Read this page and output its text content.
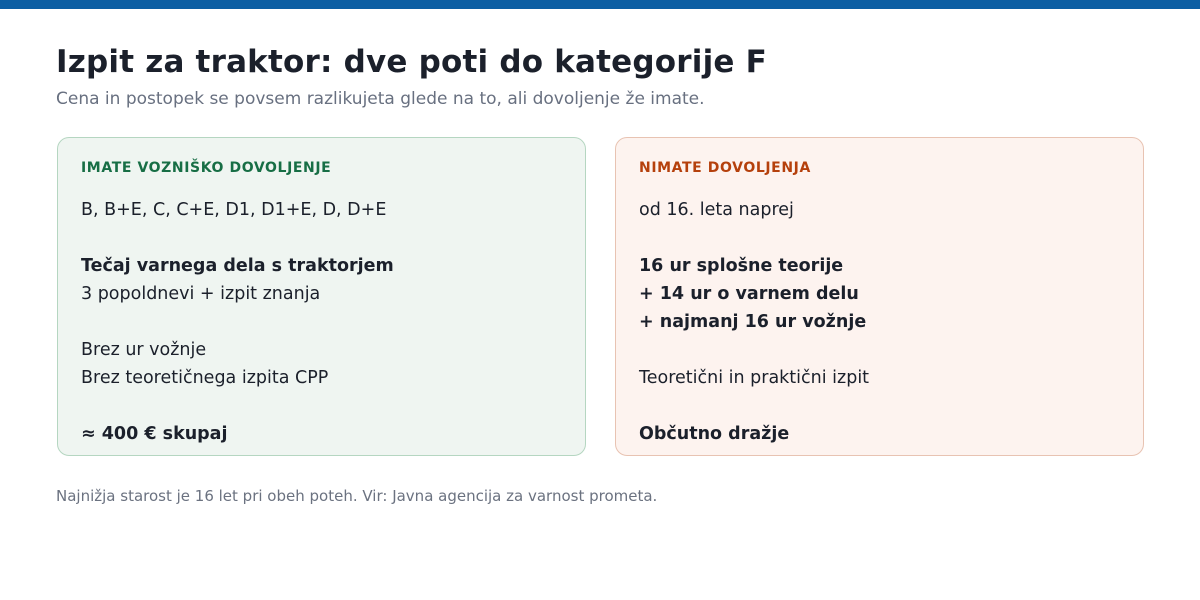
Izpit za traktor: dve poti do kategorije F

Cena in postopek se povsem razlikujeta glede na to, ali dovoljenje že imate.

IMATE VOZNIŠKO DOVOLJENJE
B, B+E, C, C+E, D1, D1+E, D, D+E
Tečaj varnega dela s traktorjem
3 popoldnevi + izpit znanja
Brez ur vožnje
Brez teoretičnega izpita CPP
≈ 400 € skupaj
NIMATE DOVOLJENJA
od 16. leta naprej
16 ur splošne teorije
+ 14 ur o varnem delu
+ najmanj 16 ur vožnje
Teoretični in praktični izpit
Občutno dražje

Najnižja starost je 16 let pri obeh poteh. Vir: Javna agencija za varnost prometa.
